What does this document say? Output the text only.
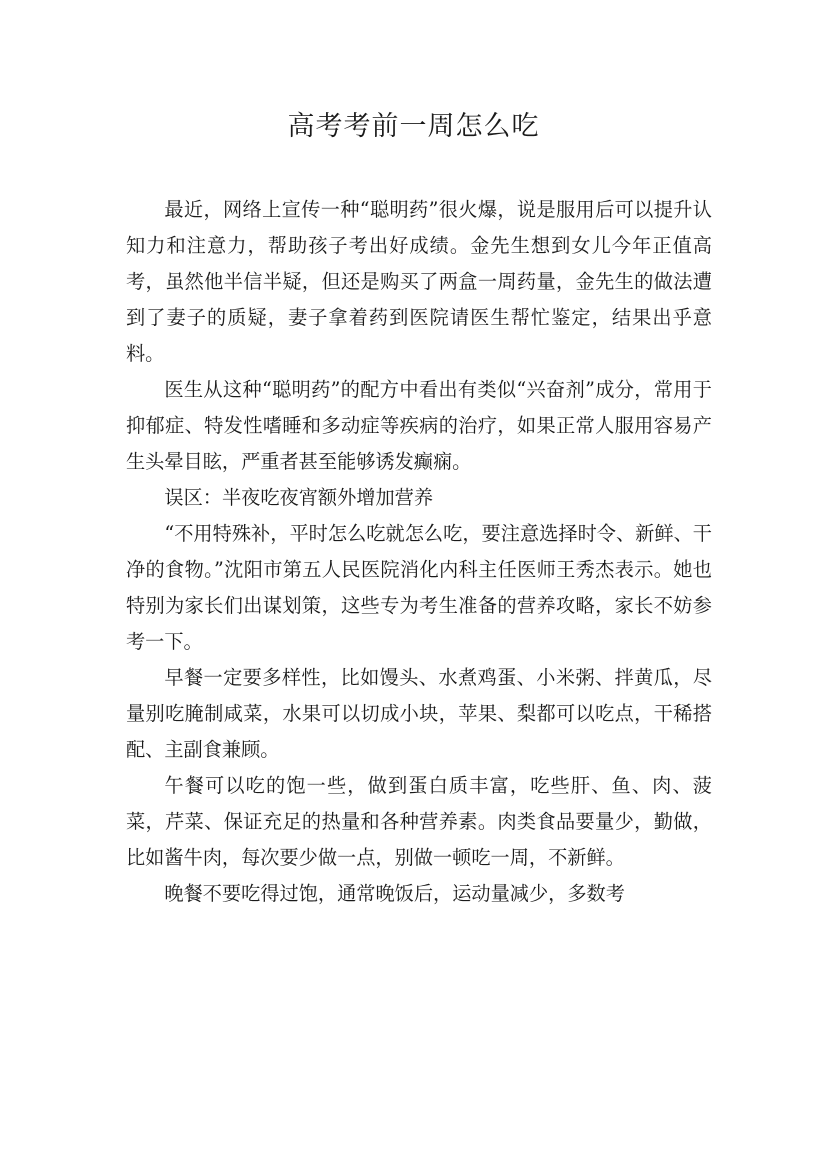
高考考前一周怎么吃

最近，网络上宣传一种“聪明药”很火爆，说是服用后可以提升认知力和注意力，帮助孩子考出好成绩。金先生想到女儿今年正值高考，虽然他半信半疑，但还是购买了两盒一周药量，金先生的做法遭到了妻子的质疑，妻子拿着药到医院请医生帮忙鉴定，结果出乎意料。

医生从这种“聪明药”的配方中看出有类似“兴奋剂”成分，常用于抑郁症、特发性嗜睡和多动症等疾病的治疗，如果正常人服用容易产生头晕目眩，严重者甚至能够诱发癫痫。

误区：半夜吃夜宵额外增加营养

“不用特殊补，平时怎么吃就怎么吃，要注意选择时令、新鲜、干净的食物。”沈阳市第五人民医院消化内科主任医师王秀杰表示。她也特别为家长们出谋划策，这些专为考生准备的营养攻略，家长不妨参考一下。

早餐一定要多样性，比如馒头、水煮鸡蛋、小米粥、拌黄瓜，尽量别吃腌制咸菜，水果可以切成小块，苹果、梨都可以吃点，干稀搭配、主副食兼顾。

午餐可以吃的饱一些，做到蛋白质丰富，吃些肝、鱼、肉、菠菜，芹菜、保证充足的热量和各种营养素。肉类食品要量少，勤做，比如酱牛肉，每次要少做一点，别做一顿吃一周，不新鲜。

晚餐不要吃得过饱，通常晚饭后，运动量减少，多数考
